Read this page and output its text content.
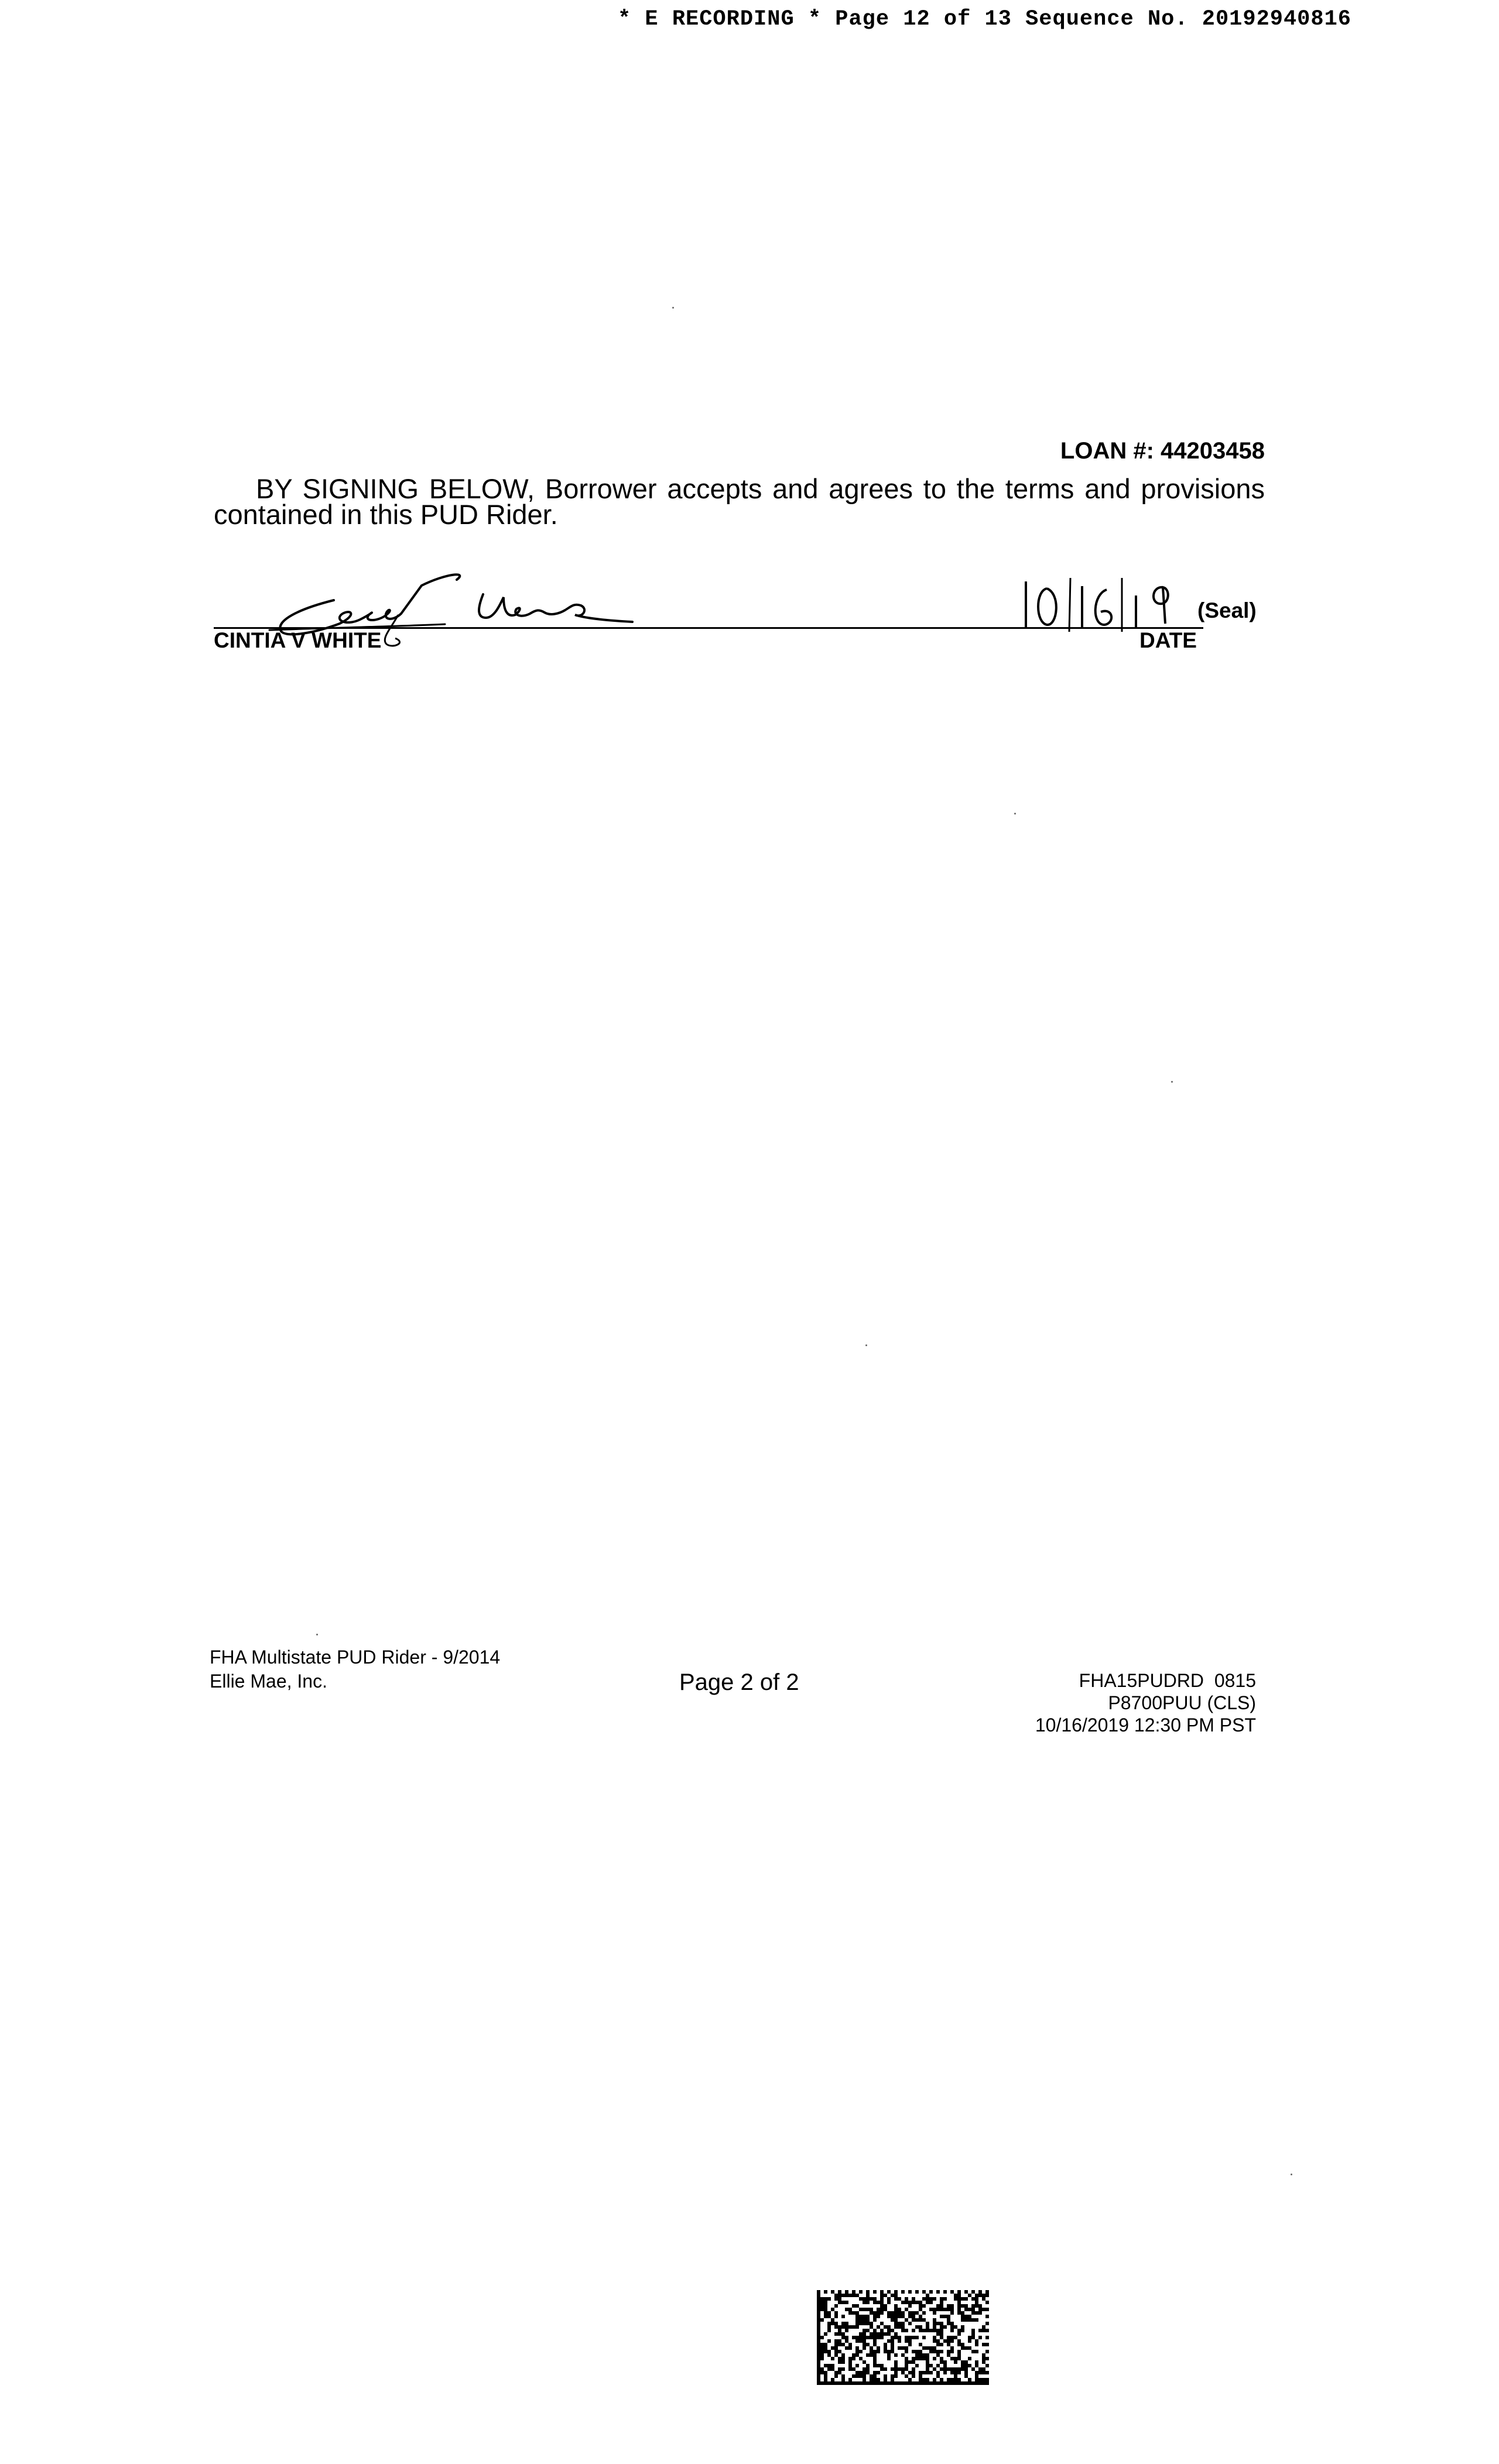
* E RECORDING * Page 12 of 13 Sequence No. 20192940816
LOAN #: 44203458
BY SIGNING BELOW, Borrower accepts and agrees to the terms and provisions contained in this PUD Rider.
CINTIA V WHITE	DATE
(Seal)
FHA Multistate PUD Rider - 9/2014
Ellie Mae, Inc.	Page 2 of 2	FHA15PUDRD  0815
P8700PUU (CLS)
10/16/2019 12:30 PM PST
